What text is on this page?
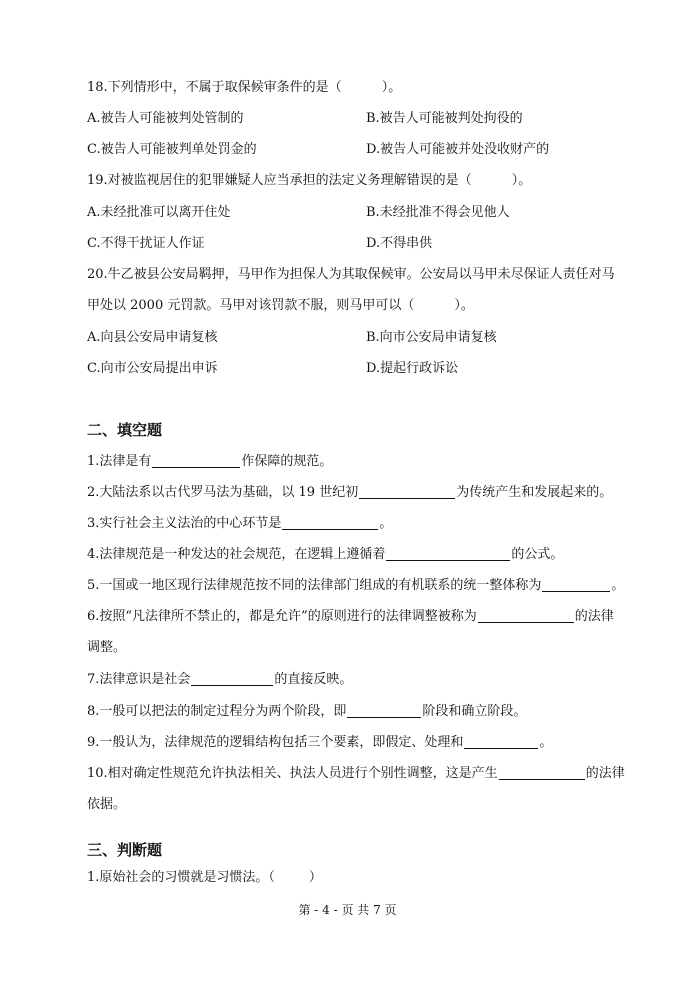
18.下列情形中，不属于取保候审条件的是（	）。
A.被告人可能被判处管制的	B.被告人可能被判处拘役的
C.被告人可能被判单处罚金的	D.被告人可能被并处没收财产的
19.对被监视居住的犯罪嫌疑人应当承担的法定义务理解错误的是（	）。
A.未经批准可以离开住处	B.未经批准不得会见他人
C.不得干扰证人作证	D.不得串供
20.牛乙被县公安局羁押，马甲作为担保人为其取保候审。公安局以马甲未尽保证人责任对马
甲处以 2000 元罚款。马甲对该罚款不服，则马甲可以（	）。
A.向县公安局申请复核	B.向市公安局申请复核
C.向市公安局提出申诉	D.提起行政诉讼
二、填空题
1.法律是有	作保障的规范。
2.大陆法系以古代罗马法为基础，以 19 世纪初	为传统产生和发展起来的。
3.实行社会主义法治的中心环节是	。
4.法律规范是一种发达的社会规范，在逻辑上遵循着	的公式。
5.一国或一地区现行法律规范按不同的法律部门组成的有机联系的统一整体称为	。
6.按照“凡法律所不禁止的，都是允许”的原则进行的法律调整被称为	的法律
调整。
7.法律意识是社会	的直接反映。
8.一般可以把法的制定过程分为两个阶段，即	阶段和确立阶段。
9.一般认为，法律规范的逻辑结构包括三个要素，即假定、处理和	。
10.相对确定性规范允许执法相关、执法人员进行个别性调整，这是产生	的法律
依据。
三、判断题
1.原始社会的习惯就是习惯法。（	）
第 - 4 - 页 共 7 页
